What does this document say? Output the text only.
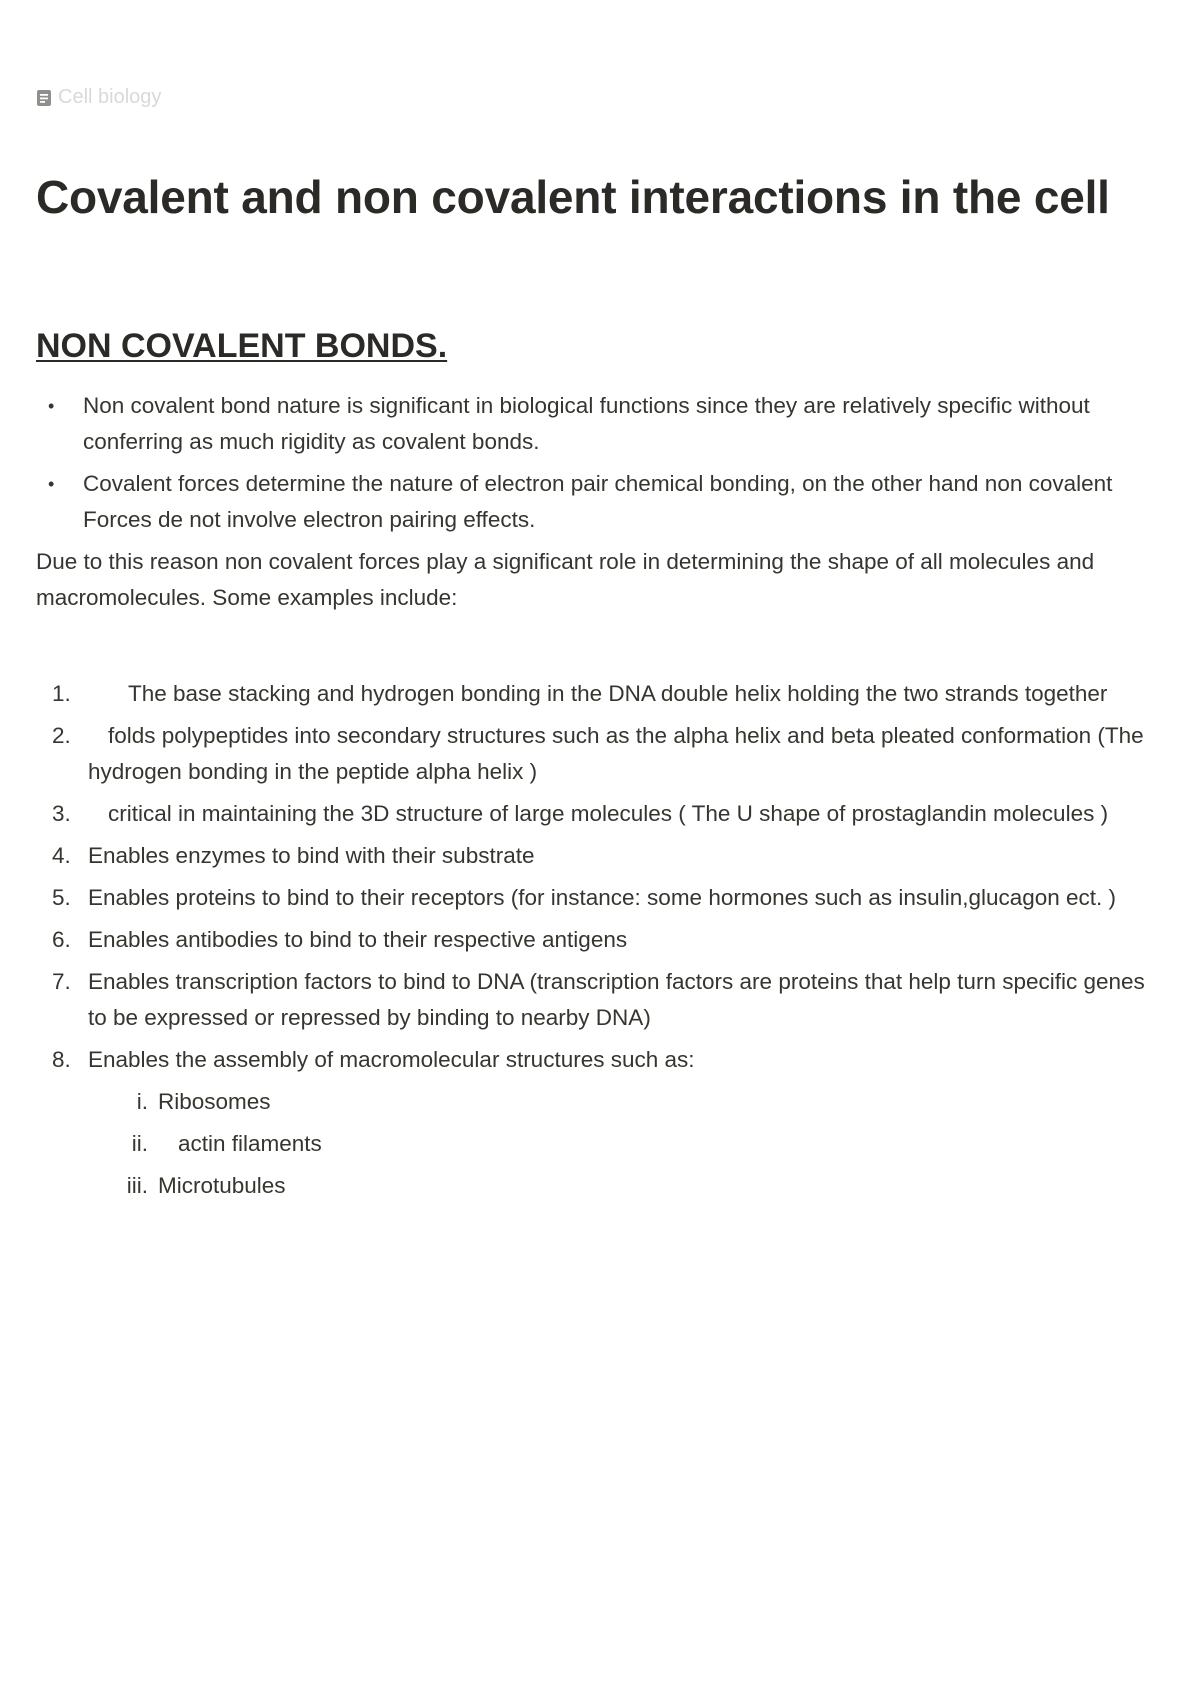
Cell biology
Covalent and non covalent interactions in the cell
NON COVALENT BONDS.
• Non covalent bond nature is significant in biological functions since they are relatively specific without conferring as much rigidity as covalent bonds.
• Covalent forces determine the nature of electron pair chemical bonding, on the other hand non covalent Forces de not involve electron pairing effects.

Due to this reason non covalent forces play a significant role in determining the shape of all molecules and macromolecules. Some examples include:

1.	The base stacking and hydrogen bonding in the DNA double helix holding the two strands together
2. folds polypeptides into secondary structures such as the alpha helix and beta pleated conformation (The hydrogen bonding in the peptide alpha helix )
3. critical in maintaining the 3D structure of large molecules ( The U shape of prostaglandin molecules )
4. Enables enzymes to bind with their substrate
5. Enables proteins to bind to their receptors (for instance: some hormones such as insulin,glucagon ect. )
6. Enables antibodies to bind to their respective antigens
7. Enables transcription factors to bind to DNA (transcription factors are proteins that help turn specific genes to be expressed or repressed by binding to nearby DNA)
8. Enables the assembly of macromolecular structures such as:
i. Ribosomes
ii. actin filaments
iii. Microtubules
